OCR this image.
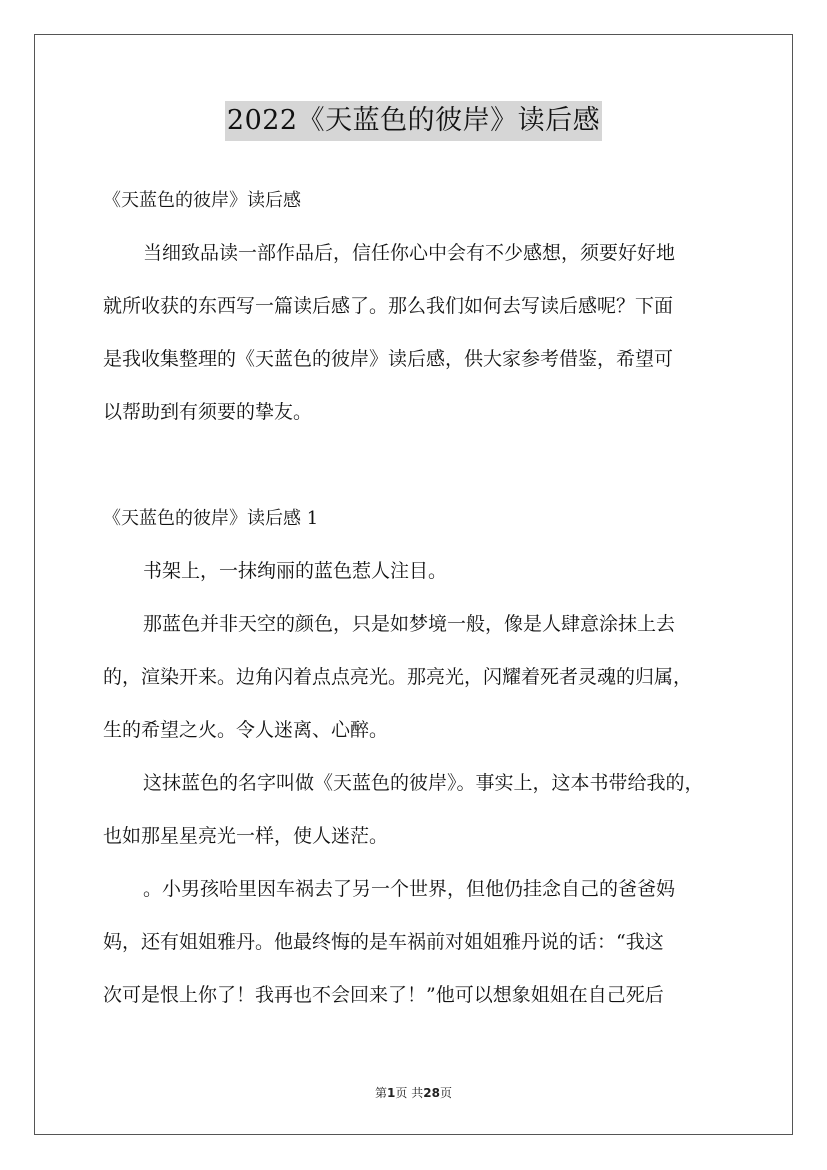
2022《天蓝色的彼岸》读后感

《天蓝色的彼岸》读后感

当细致品读一部作品后，信任你心中会有不少感想，须要好好地

就所收获的东西写一篇读后感了。那么我们如何去写读后感呢？下面

是我收集整理的《天蓝色的彼岸》读后感，供大家参考借鉴，希望可

以帮助到有须要的挚友。

《天蓝色的彼岸》读后感 1

书架上，一抹绚丽的蓝色惹人注目。

那蓝色并非天空的颜色，只是如梦境一般，像是人肆意涂抹上去

的，渲染开来。边角闪着点点亮光。那亮光，闪耀着死者灵魂的归属，

生的希望之火。令人迷离、心醉。

这抹蓝色的名字叫做《天蓝色的彼岸》。事实上，这本书带给我的，

也如那星星亮光一样，使人迷茫。

。小男孩哈里因车祸去了另一个世界，但他仍挂念自己的爸爸妈

妈，还有姐姐雅丹。他最终悔的是车祸前对姐姐雅丹说的话：“我这

次可是恨上你了！我再也不会回来了！”他可以想象姐姐在自己死后

第1页 共28页
